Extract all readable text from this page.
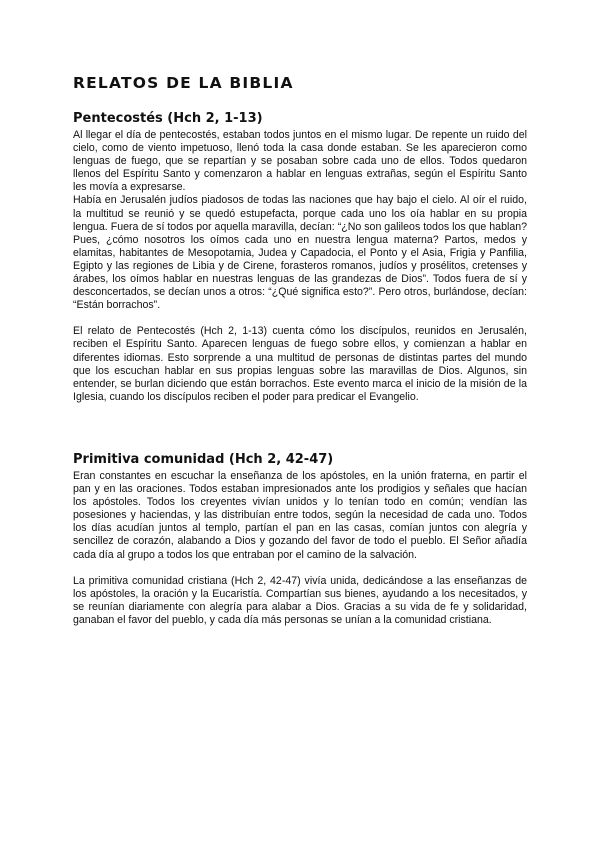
RELATOS DE LA BIBLIA
Pentecostés (Hch 2, 1-13)

Al llegar el día de pentecostés, estaban todos juntos en el mismo lugar. De repente un ruido del cielo, como de viento impetuoso, llenó toda la casa donde estaban. Se les aparecieron como lenguas de fuego, que se repartían y se posaban sobre cada uno de ellos. Todos quedaron llenos del Espíritu Santo y comenzaron a hablar en lenguas extrañas, según el Espíritu Santo les movía a expresarse.

Había en Jerusalén judíos piadosos de todas las naciones que hay bajo el cielo. Al oír el ruido, la multitud se reunió y se quedó estupefacta, porque cada uno los oía hablar en su propia lengua. Fuera de sí todos por aquella maravilla, decían: “¿No son galileos todos los que hablan? Pues, ¿cómo nosotros los oímos cada uno en nuestra lengua materna? Partos, medos y elamitas, habitantes de Mesopotamia, Judea y Capadocia, el Ponto y el Asia, Frigia y Panfilia, Egipto y las regiones de Libia y de Cirene, forasteros romanos, judíos y prosélitos, cretenses y árabes, los oímos hablar en nuestras lenguas de las grandezas de Dios”. Todos fuera de sí y desconcertados, se decían unos a otros: “¿Qué significa esto?”. Pero otros, burlándose, decían: “Están borrachos”.

El relato de Pentecostés (Hch 2, 1-13) cuenta cómo los discípulos, reunidos en Jerusalén, reciben el Espíritu Santo. Aparecen lenguas de fuego sobre ellos, y comienzan a hablar en diferentes idiomas. Esto sorprende a una multitud de personas de distintas partes del mundo que los escuchan hablar en sus propias lenguas sobre las maravillas de Dios. Algunos, sin entender, se burlan diciendo que están borrachos. Este evento marca el inicio de la misión de la Iglesia, cuando los discípulos reciben el poder para predicar el Evangelio.

Primitiva comunidad (Hch 2, 42-47)

Eran constantes en escuchar la enseñanza de los apóstoles, en la unión fraterna, en partir el pan y en las oraciones. Todos estaban impresionados ante los prodigios y señales que hacían los apóstoles. Todos los creyentes vivían unidos y lo tenían todo en común; vendían las posesiones y haciendas, y las distribuían entre todos, según la necesidad de cada uno. Todos los días acudían juntos al templo, partían el pan en las casas, comían juntos con alegría y sencillez de corazón, alabando a Dios y gozando del favor de todo el pueblo. El Señor añadía cada día al grupo a todos los que entraban por el camino de la salvación.

La primitiva comunidad cristiana (Hch 2, 42-47) vivía unida, dedicándose a las enseñanzas de los apóstoles, la oración y la Eucaristía. Compartían sus bienes, ayudando a los necesitados, y se reunían diariamente con alegría para alabar a Dios. Gracias a su vida de fe y solidaridad, ganaban el favor del pueblo, y cada día más personas se unían a la comunidad cristiana.
